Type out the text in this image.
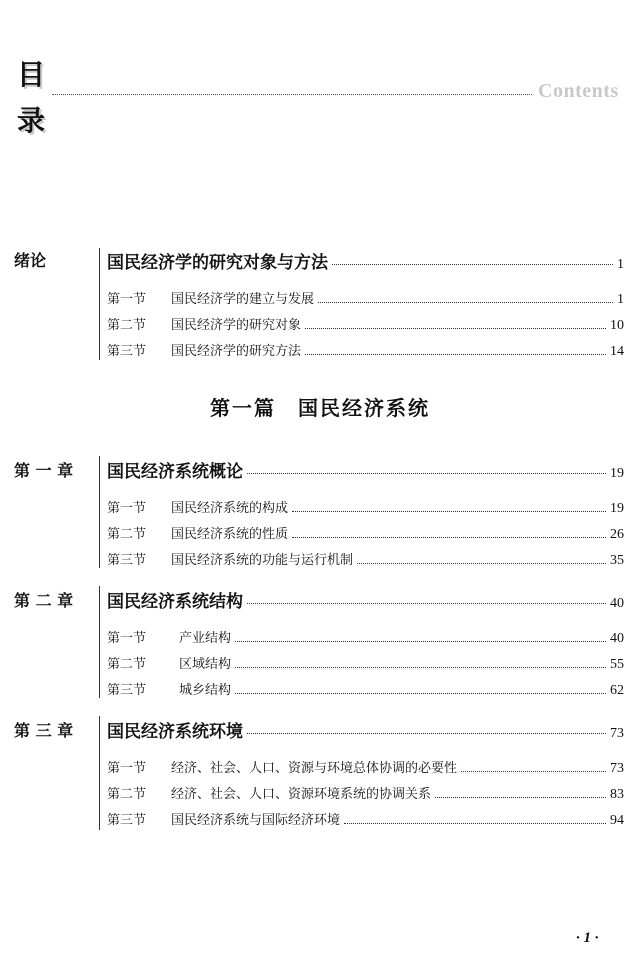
目
录
Contents
绪论	国民经济学的研究对象与方法	1
第一节 国民经济学的建立与发展	1
第二节 国民经济学的研究对象	10
第三节 国民经济学的研究方法	14
第一篇　国民经济系统
第 一 章 国民经济系统概论	19
第一节 国民经济系统的构成	19
第二节 国民经济系统的性质	26
第三节 国民经济系统的功能与运行机制	35
第 二 章 国民经济系统结构	40
第一节	产业结构	40
第二节	区域结构	55
第三节	城乡结构	62
第 三 章 国民经济系统环境	73
第一节 经济、社会、人口、资源与环境总体协调的必要性	73
第二节 经济、社会、人口、资源环境系统的协调关系	83
第三节 国民经济系统与国际经济环境	94
· 1 ·
